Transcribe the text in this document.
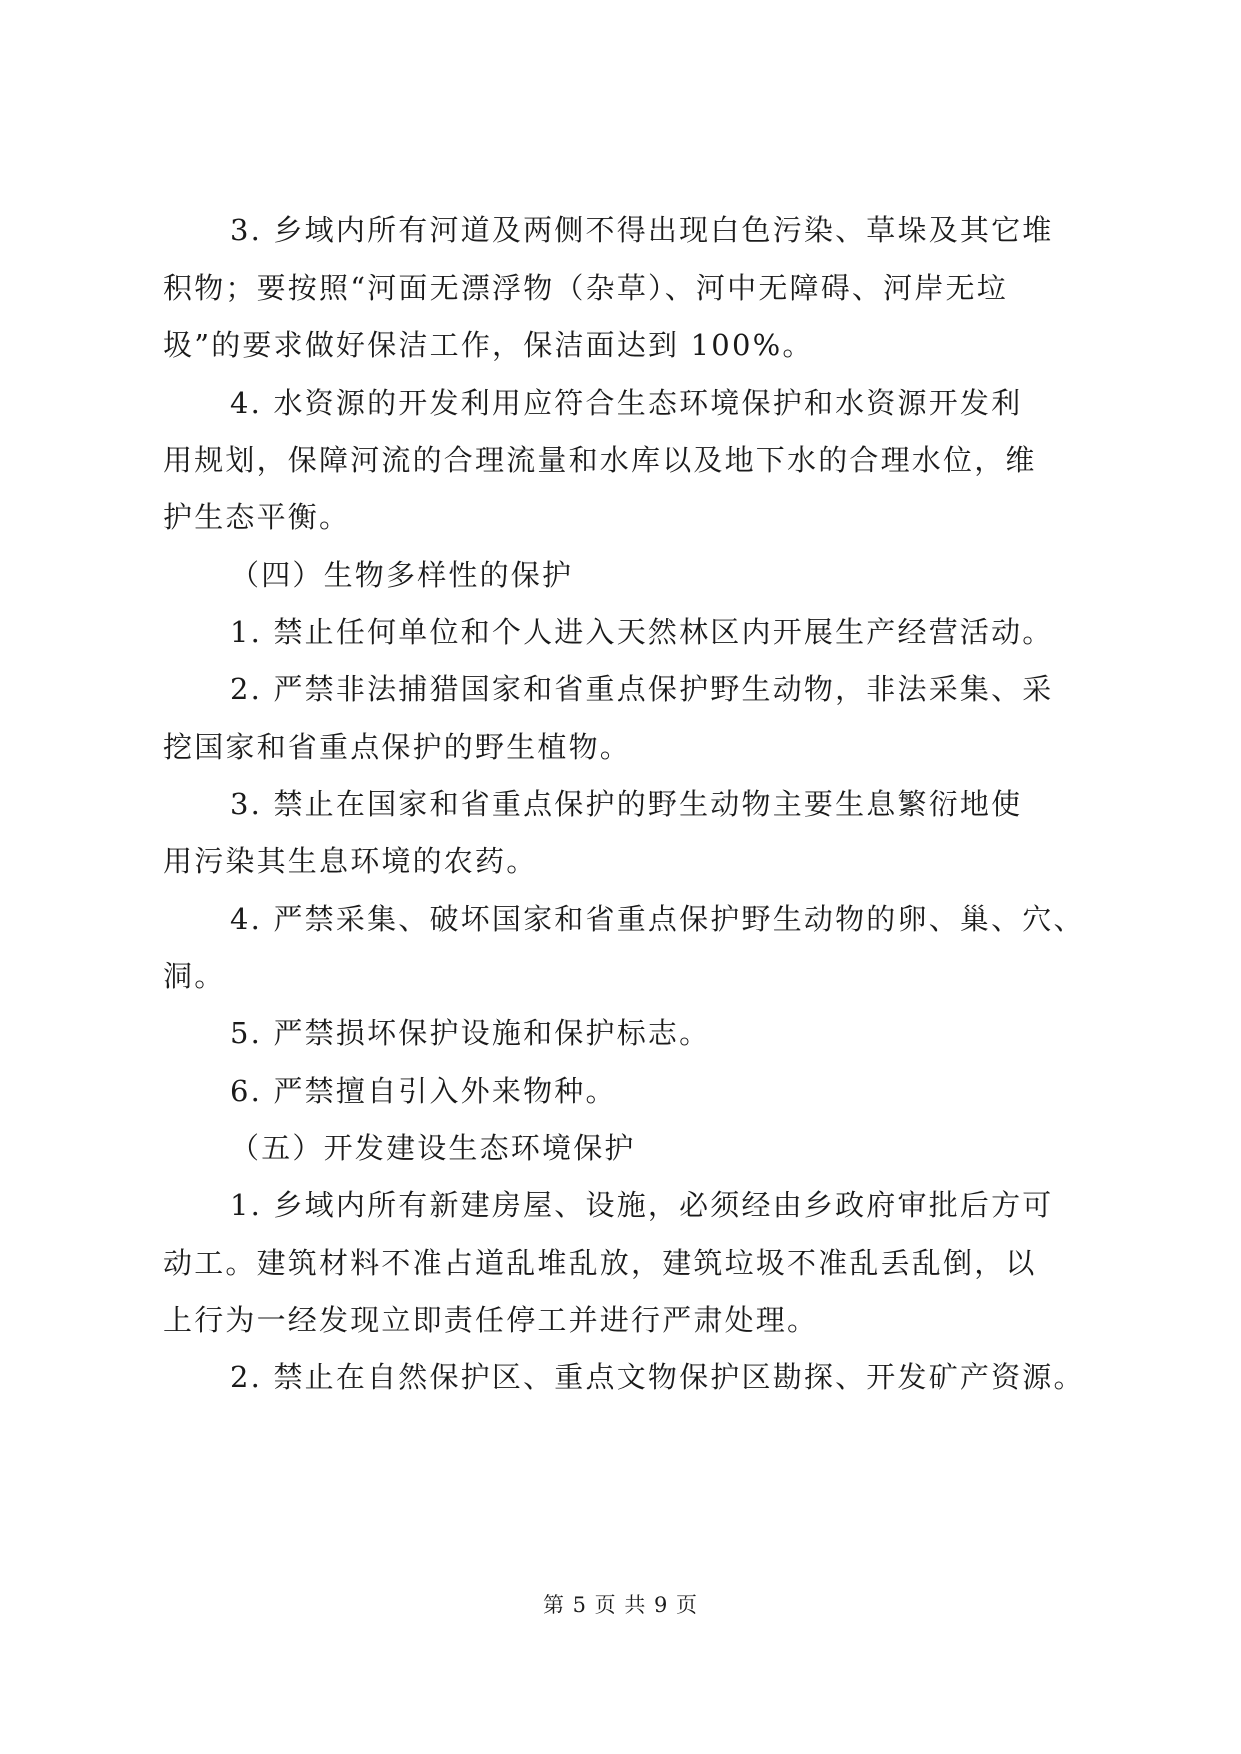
3. 乡域内所有河道及两侧不得出现白色污染、草垛及其它堆
积物；要按照“河面无漂浮物（杂草）、河中无障碍、河岸无垃
圾”的要求做好保洁工作，保洁面达到 100%。
4. 水资源的开发利用应符合生态环境保护和水资源开发利
用规划，保障河流的合理流量和水库以及地下水的合理水位，维
护生态平衡。
（四）生物多样性的保护
1. 禁止任何单位和个人进入天然林区内开展生产经营活动。
2. 严禁非法捕猎国家和省重点保护野生动物，非法采集、采
挖国家和省重点保护的野生植物。
3. 禁止在国家和省重点保护的野生动物主要生息繁衍地使
用污染其生息环境的农药。
4. 严禁采集、破坏国家和省重点保护野生动物的卵、巢、穴、
洞。
5. 严禁损坏保护设施和保护标志。
6. 严禁擅自引入外来物种。
（五）开发建设生态环境保护
1. 乡域内所有新建房屋、设施，必须经由乡政府审批后方可
动工。建筑材料不准占道乱堆乱放，建筑垃圾不准乱丢乱倒，以
上行为一经发现立即责任停工并进行严肃处理。
2. 禁止在自然保护区、重点文物保护区勘探、开发矿产资源。
第 5 页 共 9 页
